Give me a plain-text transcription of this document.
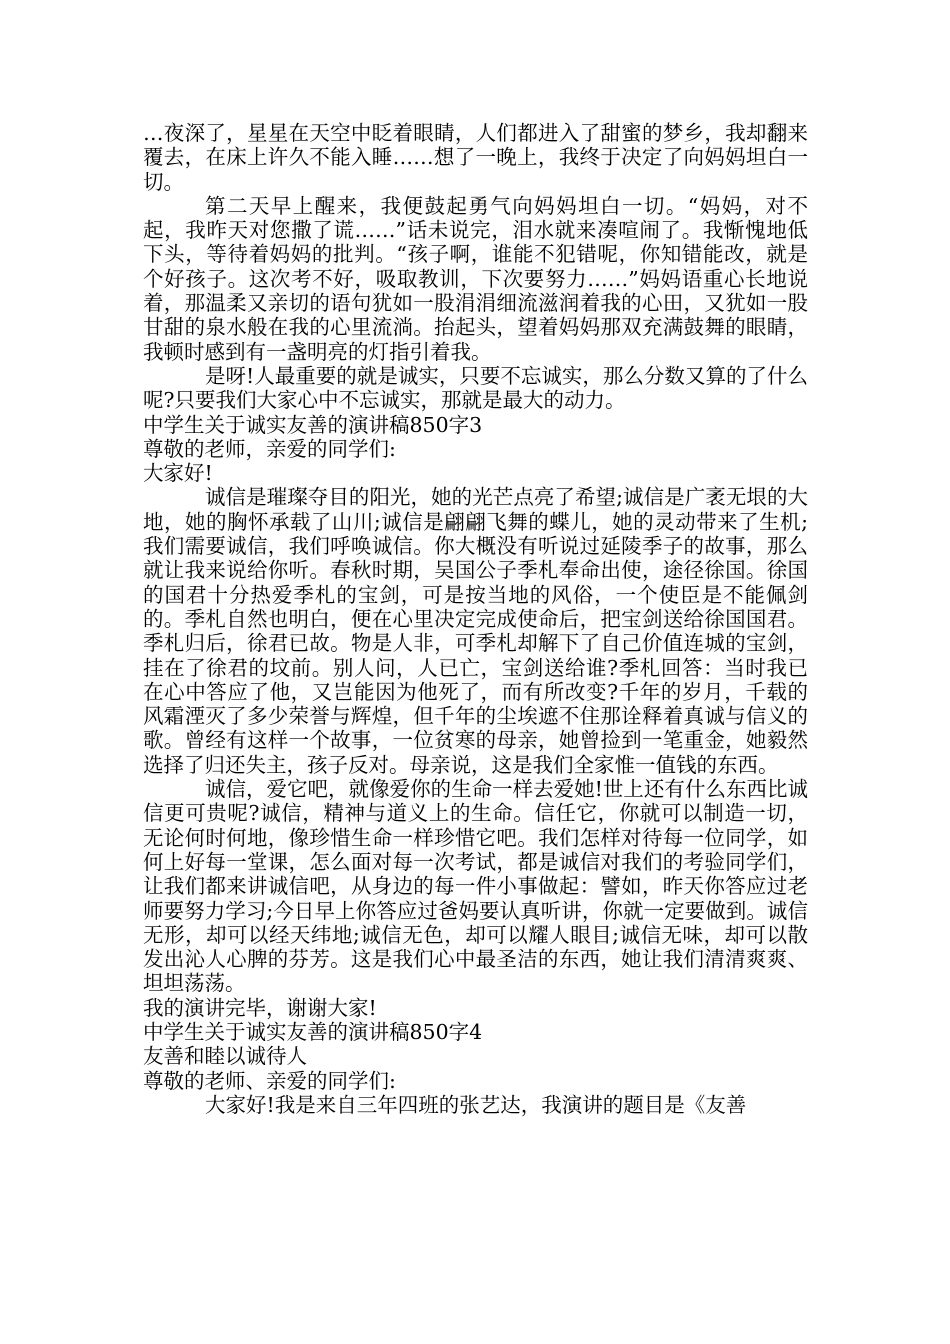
…夜深了，星星在天空中眨着眼睛，人们都进入了甜蜜的梦乡，我却翻来覆去，在床上许久不能入睡……想了一晚上，我终于决定了向妈妈坦白一切。

第二天早上醒来，我便鼓起勇气向妈妈坦白一切。“妈妈，对不起，我昨天对您撒了谎……”话未说完，泪水就来凑喧闹了。我惭愧地低下头，等待着妈妈的批判。“孩子啊，谁能不犯错呢，你知错能改，就是个好孩子。这次考不好，吸取教训，下次要努力……”妈妈语重心长地说着，那温柔又亲切的语句犹如一股涓涓细流滋润着我的心田，又犹如一股甘甜的泉水般在我的心里流淌。抬起头，望着妈妈那双充满鼓舞的眼睛，我顿时感到有一盏明亮的灯指引着我。

是呀!人最重要的就是诚实，只要不忘诚实，那么分数又算的了什么呢?只要我们大家心中不忘诚实，那就是最大的动力。

中学生关于诚实友善的演讲稿850字3

尊敬的老师，亲爱的同学们:

大家好!

诚信是璀璨夺目的阳光，她的光芒点亮了希望;诚信是广袤无垠的大地，她的胸怀承载了山川;诚信是翩翩飞舞的蝶儿，她的灵动带来了生机;我们需要诚信，我们呼唤诚信。你大概没有听说过延陵季子的故事，那么就让我来说给你听。春秋时期，吴国公子季札奉命出使，途径徐国。徐国的国君十分热爱季札的宝剑，可是按当地的风俗，一个使臣是不能佩剑的。季札自然也明白，便在心里决定完成使命后，把宝剑送给徐国国君。季札归后，徐君已故。物是人非，可季札却解下了自己价值连城的宝剑，挂在了徐君的坟前。别人问，人已亡，宝剑送给谁?季札回答：当时我已在心中答应了他，又岂能因为他死了，而有所改变?千年的岁月，千载的风霜湮灭了多少荣誉与辉煌，但千年的尘埃遮不住那诠释着真诚与信义的歌。曾经有这样一个故事，一位贫寒的母亲，她曾捡到一笔重金，她毅然选择了归还失主，孩子反对。母亲说，这是我们全家惟一值钱的东西。

诚信，爱它吧，就像爱你的生命一样去爱她!世上还有什么东西比诚信更可贵呢?诚信，精神与道义上的生命。信任它，你就可以制造一切，无论何时何地，像珍惜生命一样珍惜它吧。我们怎样对待每一位同学，如何上好每一堂课，怎么面对每一次考试，都是诚信对我们的考验同学们，让我们都来讲诚信吧，从身边的每一件小事做起：譬如，昨天你答应过老师要努力学习;今日早上你答应过爸妈要认真听讲，你就一定要做到。诚信无形，却可以经天纬地;诚信无色，却可以耀人眼目;诚信无味，却可以散发出沁人心脾的芬芳。这是我们心中最圣洁的东西，她让我们清清爽爽、坦坦荡荡。

我的演讲完毕，谢谢大家!

中学生关于诚实友善的演讲稿850字4

友善和睦以诚待人

尊敬的老师、亲爱的同学们:

大家好!我是来自三年四班的张艺达，我演讲的题目是《友善
